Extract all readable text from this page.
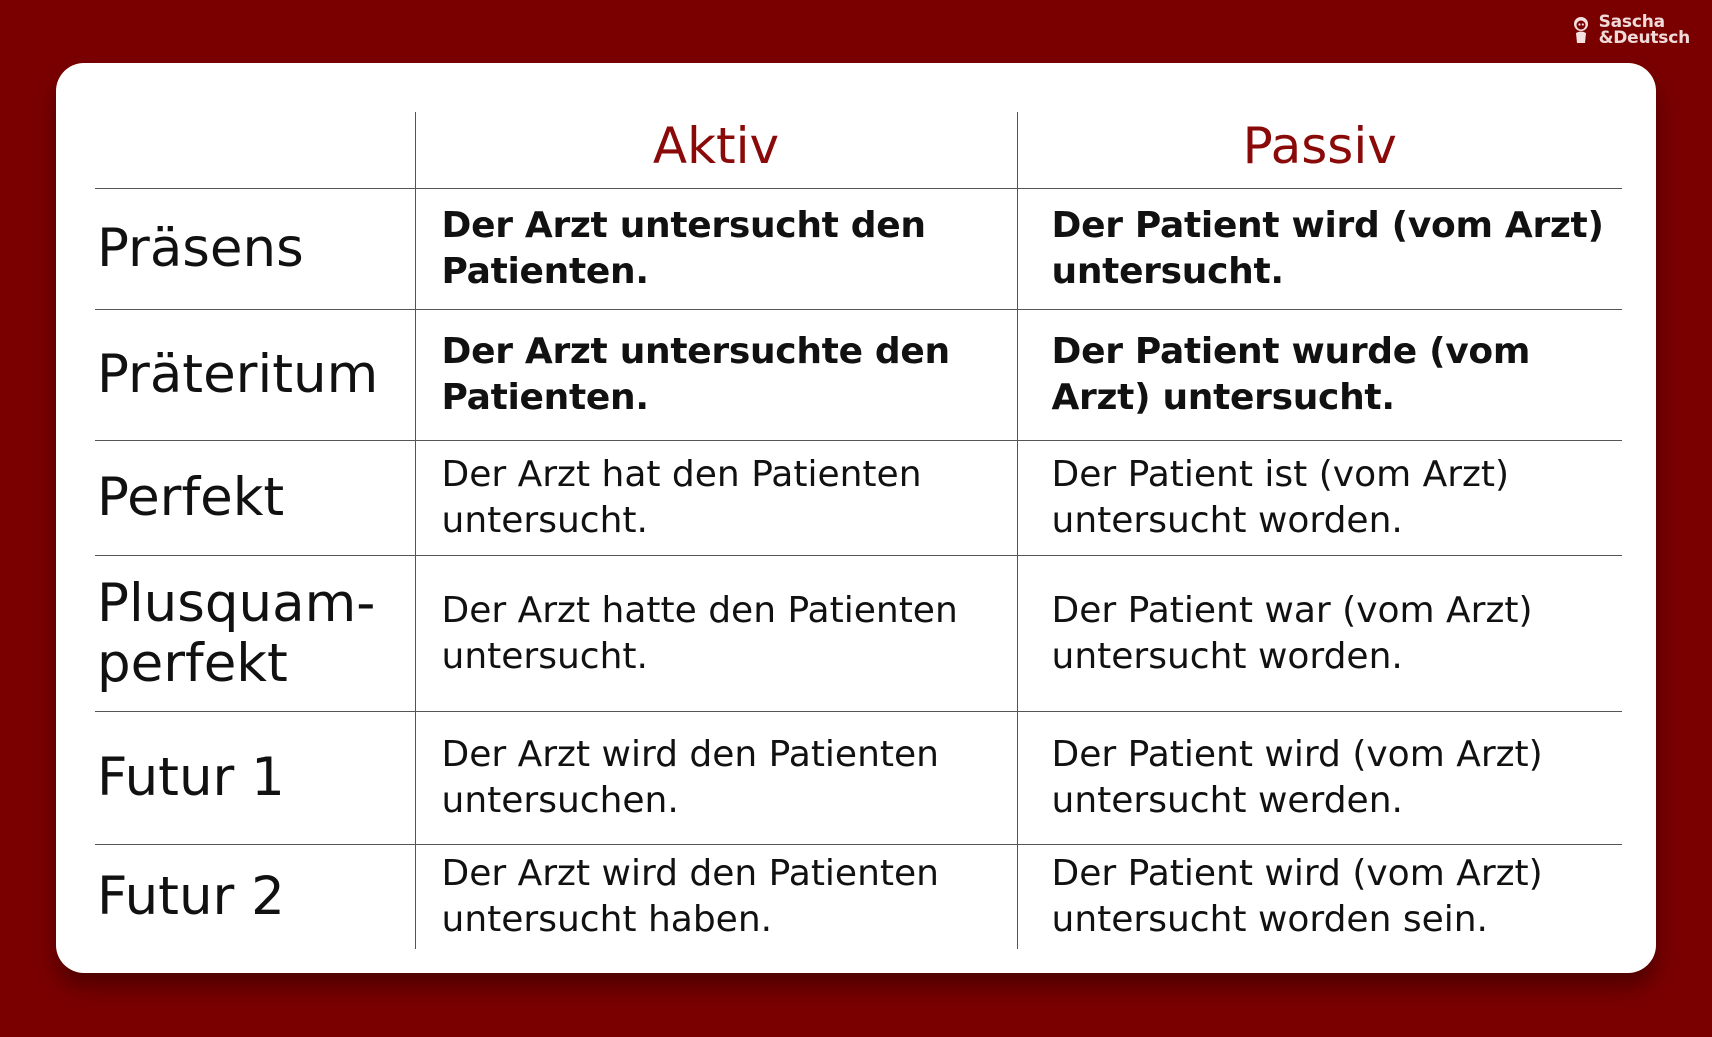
Sascha
&Deutsch
	Aktiv	Passiv
Präsens	Der Arzt untersucht den Patienten.	Der Patient wird (vom Arzt) untersucht.
Präteritum	Der Arzt untersuchte den Patienten.	Der Patient wurde (vom Arzt) untersucht.
Perfekt	Der Arzt hat den Patienten untersucht.	Der Patient ist (vom Arzt) untersucht worden.
Plusquam-perfekt	Der Arzt hatte den Patienten untersucht.	Der Patient war (vom Arzt) untersucht worden.
Futur 1	Der Arzt wird den Patienten untersuchen.	Der Patient wird (vom Arzt) untersucht werden.
Futur 2	Der Arzt wird den Patienten untersucht haben.	Der Patient wird (vom Arzt) untersucht worden sein.
